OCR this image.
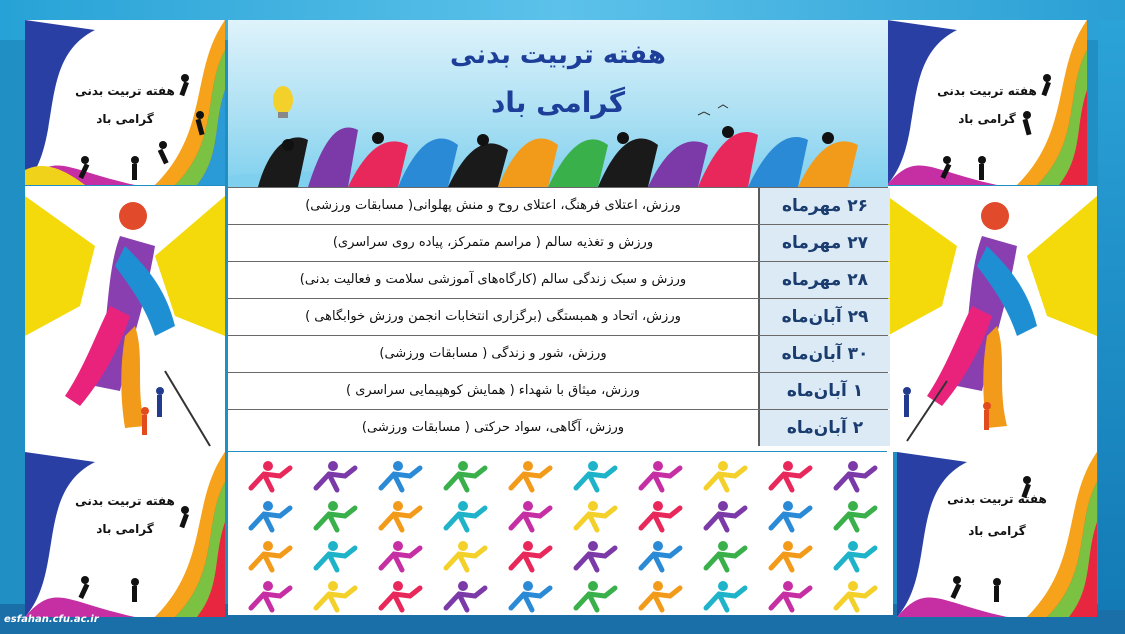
هفته تربیت بدنی
گرامی باد
هفته تربیت بدنی
گرامی باد
هفته تربیت بدنی
گرامی باد
هفته تربیت بدنی
گرامی باد
هفته تربیت بدنی
گرامی باد
ورزش، اعتلای فرهنگ، اعتلای روح و منش پهلوانی( مسابقات ورزشی)	۲۶ مهرماه
ورزش و تغذیه سالم ( مراسم متمرکز، پیاده روی سراسری)	۲۷ مهرماه
ورزش و سبک زندگی سالم (کارگاه‌های آموزشی سلامت و فعالیت بدنی)	۲۸ مهرماه
ورزش، اتحاد و همبستگی (برگزاری انتخابات انجمن ورزش خوابگاهی )	۲۹ آبان‌ماه
ورزش، شور و زندگی ( مسابقات ورزشی)	۳۰ آبان‌ماه
ورزش، میثاق با شهداء ( همایش کوهپیمایی سراسری )	۱ آبان‌ماه
ورزش، آگاهی، سواد حرکتی ( مسابقات ورزشی)	۲ آبان‌ماه
esfahan.cfu.ac.ir
